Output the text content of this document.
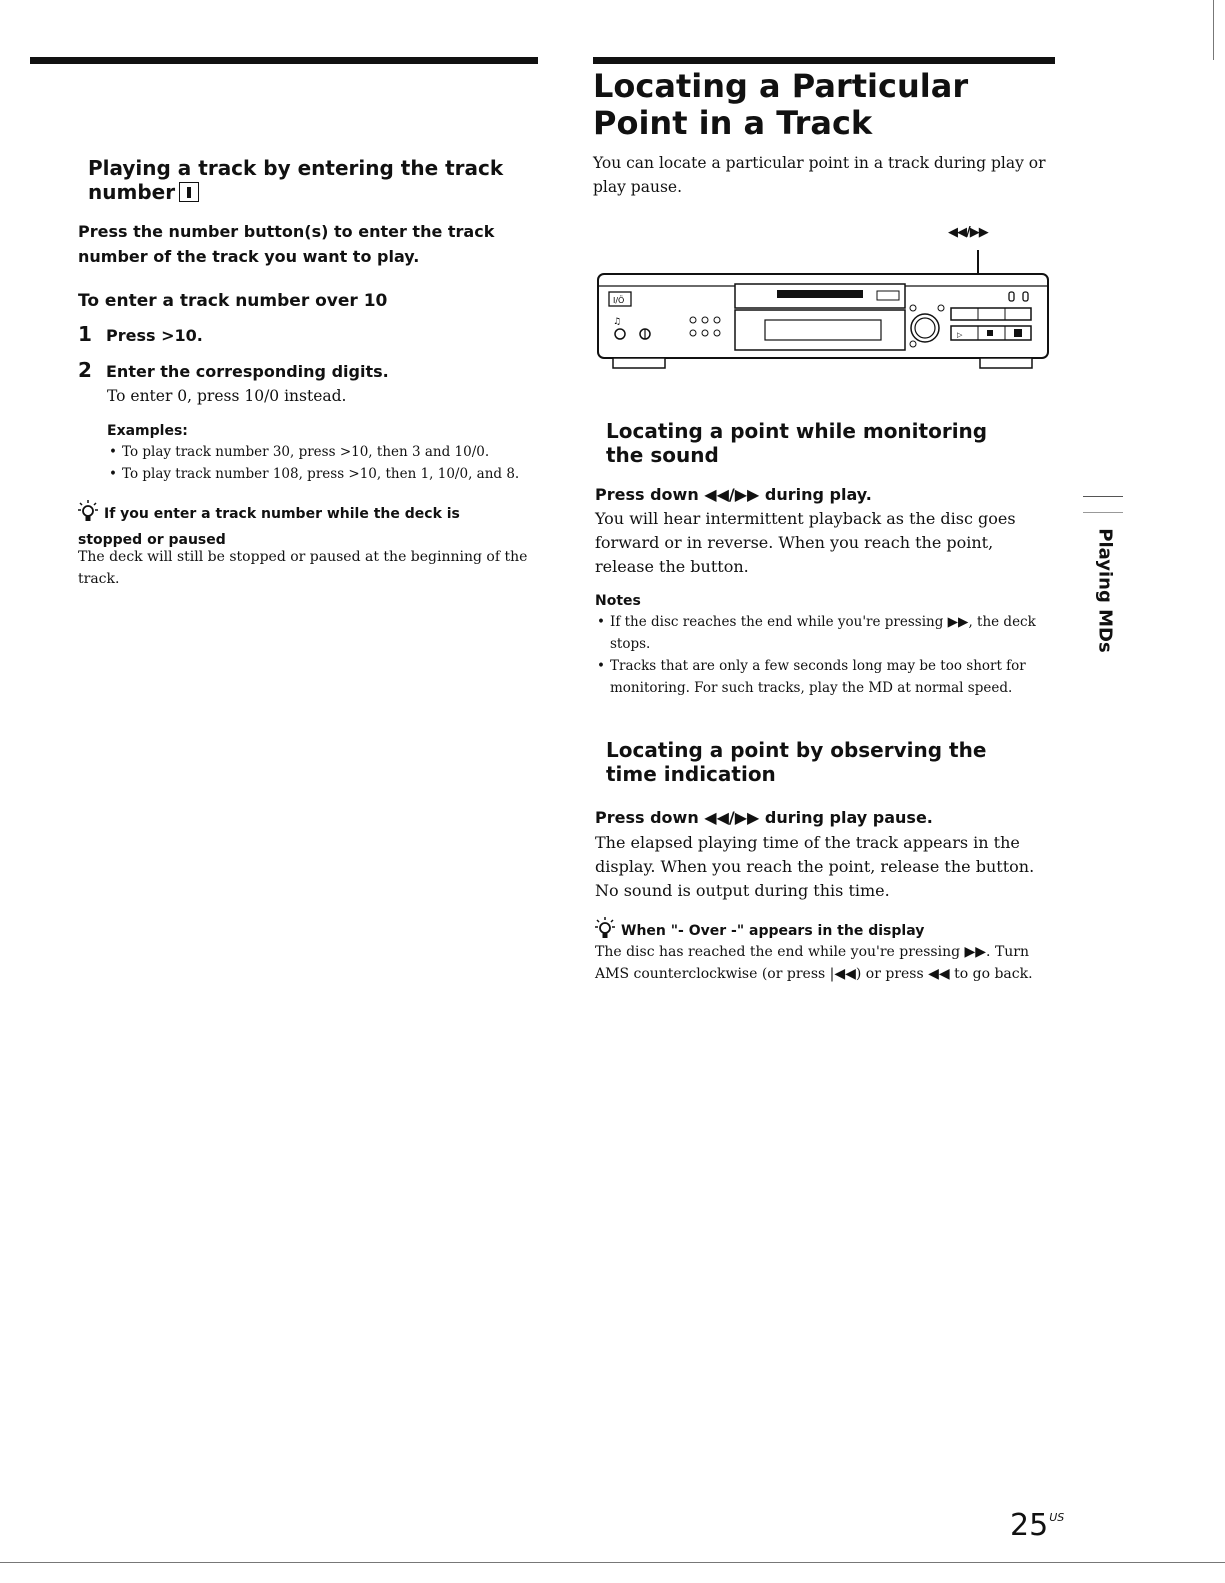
Playing a track by entering the track number
Press the number button(s) to enter the track number of the track you want to play.
To enter a track number over 10
1 Press >10.
2 Enter the corresponding digits.
To enter 0, press 10/0 instead.
Examples:
• To play track number 30, press >10, then 3 and 10/0.
• To play track number 108, press >10, then 1, 10/0, and 8.
If you enter a track number while the deck is stopped or paused
The deck will still be stopped or paused at the beginning of the track.
Locating a Particular Point in a Track
You can locate a particular point in a track during play or play pause.
◀◀/▶▶
I/Ö
♫
▷
Locating a point while monitoring the sound
Press down ◀◀/▶▶ during play.
You will hear intermittent playback as the disc goes forward or in reverse. When you reach the point, release the button.
Notes
• If the disc reaches the end while you're pressing ▶▶, the deck stops.
• Tracks that are only a few seconds long may be too short for monitoring. For such tracks, play the MD at normal speed.
Locating a point by observing the time indication
Press down ◀◀/▶▶ during play pause.
The elapsed playing time of the track appears in the display. When you reach the point, release the button. No sound is output during this time.
When "- Over -" appears in the display
The disc has reached the end while you're pressing ▶▶. Turn AMS counterclockwise (or press |◀◀) or press ◀◀ to go back.
Playing MDs
$25^{US}$
